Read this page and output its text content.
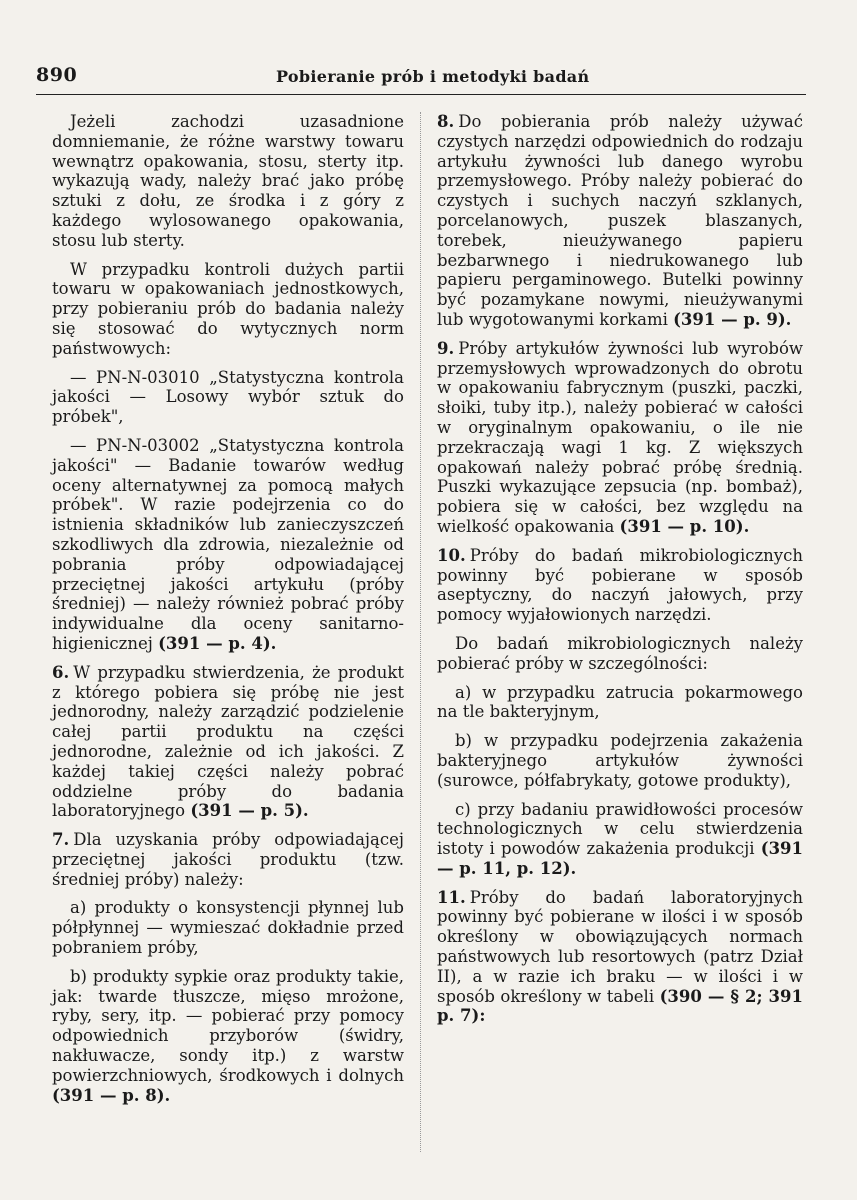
890	Pobieranie prób i metodyki badań

Jeżeli zachodzi uzasadnione domniemanie, że różne warstwy towaru wewnątrz opakowania, stosu, sterty itp. wykazują wady, należy brać jako próbę sztuki z dołu, ze środka i z góry z każdego wylosowanego opakowania, stosu lub sterty.

W przypadku kontroli dużych partii towaru w opakowaniach jednostkowych, przy pobieraniu prób do badania należy się stosować do wytycznych norm państwowych:

— PN-N-03010 „Statystyczna kontrola jakości — Losowy wybór sztuk do próbek",

— PN-N-03002 „Statystyczna kontrola jakości" — Badanie towarów według oceny alternatywnej za pomocą małych próbek". W razie podejrzenia co do istnienia składników lub zanieczyszczeń szkodliwych dla zdrowia, niezależnie od pobrania próby odpowiadającej przeciętnej jakości artykułu (próby średniej) — należy również pobrać próby indywidualne dla oceny sanitarno-higienicznej (391 — p. 4).

6. W przypadku stwierdzenia, że produkt z którego pobiera się próbę nie jest jednorodny, należy zarządzić podzielenie całej partii produktu na części jednorodne, zależnie od ich jakości. Z każdej takiej części należy pobrać oddzielne próby do badania laboratoryjnego (391 — p. 5).

7. Dla uzyskania próby odpowiadającej przeciętnej jakości produktu (tzw. średniej próby) należy:

a) produkty o konsystencji płynnej lub półpłynnej — wymieszać dokładnie przed pobraniem próby,

b) produkty sypkie oraz produkty takie, jak: twarde tłuszcze, mięso mrożone, ryby, sery, itp. — pobierać przy pomocy odpowiednich przyborów (świdry, nakłuwacze, sondy itp.) z warstw powierzchniowych, środkowych i dolnych (391 — p. 8).

8. Do pobierania prób należy używać czystych narzędzi odpowiednich do rodzaju artykułu żywności lub danego wyrobu przemysłowego. Próby należy pobierać do czystych i suchych naczyń szklanych, porcelanowych, puszek blaszanych, torebek, nieużywanego papieru bezbarwnego i niedrukowanego lub papieru pergaminowego. Butelki powinny być pozamykane nowymi, nieużywanymi lub wygotowanymi korkami (391 — p. 9).

9. Próby artykułów żywności lub wyrobów przemysłowych wprowadzonych do obrotu w opakowaniu fabrycznym (puszki, paczki, słoiki, tuby itp.), należy pobierać w całości w oryginalnym opakowaniu, o ile nie przekraczają wagi 1 kg. Z większych opakowań należy pobrać próbę średnią. Puszki wykazujące zepsucia (np. bombaż), pobiera się w całości, bez względu na wielkość opakowania (391 — p. 10).

10. Próby do badań mikrobiologicznych powinny być pobierane w sposób aseptyczny, do naczyń jałowych, przy pomocy wyjałowionych narzędzi.

Do badań mikrobiologicznych należy pobierać próby w szczególności:

a) w przypadku zatrucia pokarmowego na tle bakteryjnym,

b) w przypadku podejrzenia zakażenia bakteryjnego artykułów żywności (surowce, półfabrykaty, gotowe produkty),

c) przy badaniu prawidłowości procesów technologicznych w celu stwierdzenia istoty i powodów zakażenia produkcji (391 — p. 11, p. 12).

11. Próby do badań laboratoryjnych powinny być pobierane w ilości i w sposób określony w obowiązujących normach państwowych lub resortowych (patrz Dział II), a w razie ich braku — w ilości i w sposób określony w tabeli (390 — § 2; 391 p. 7):
